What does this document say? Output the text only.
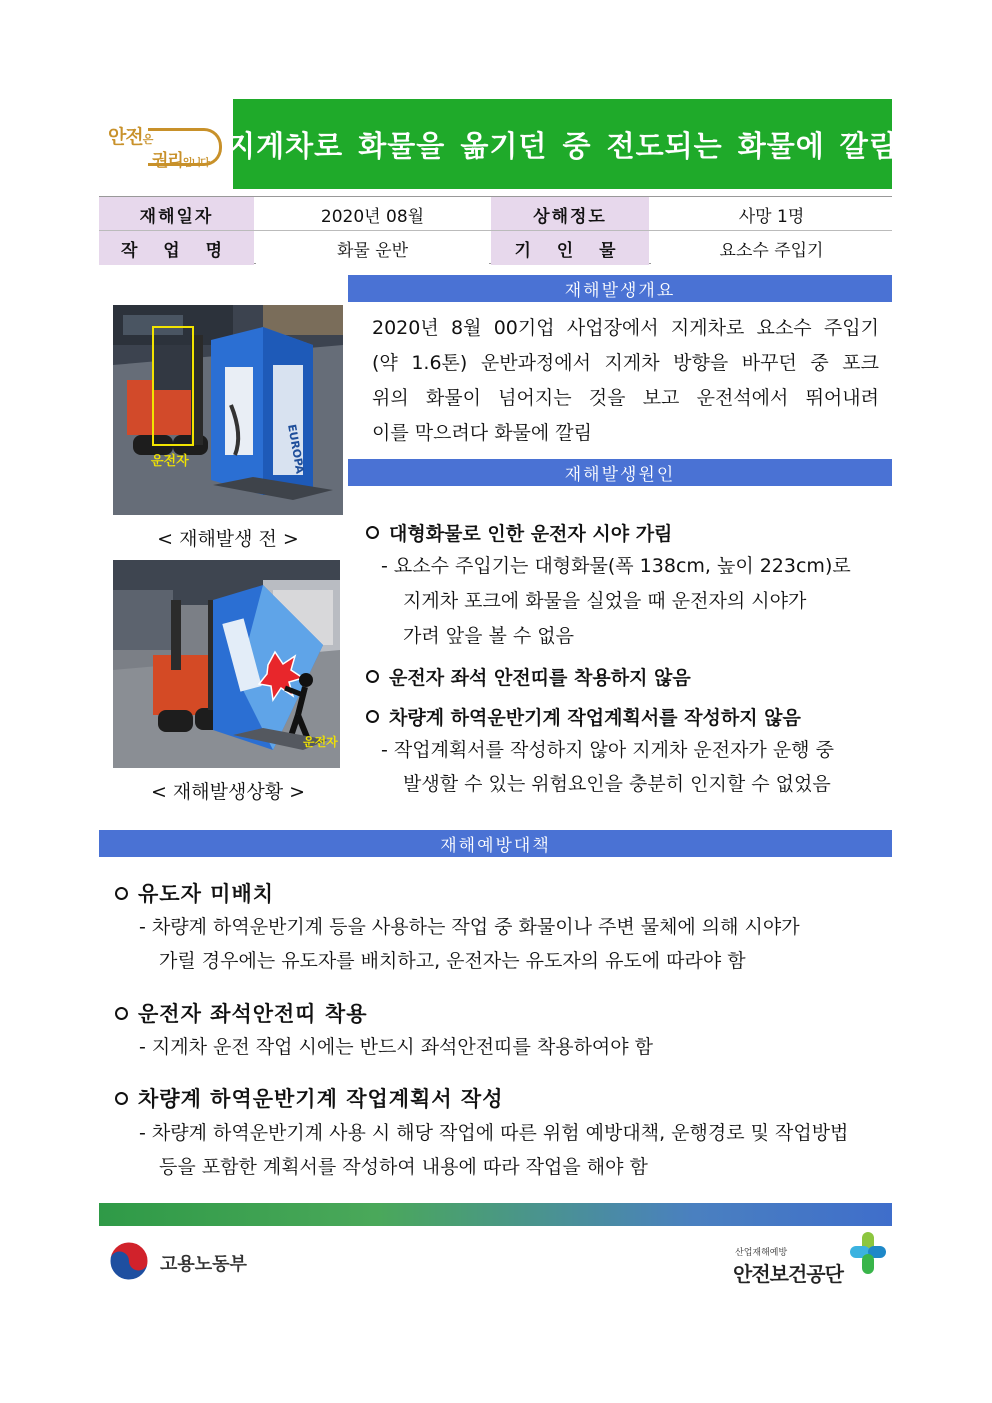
안전은
권리입니다
지게차로 화물을 옮기던 중 전도되는 화물에 깔림
재해일자	2020년 08월	상해정도	사망 1명
작 업 명	화물 운반	기 인 물	요소수 주입기
재해발생개요
2020년 8월 00기업 사업장에서 지게차로 요소수 주입기
(약 1.6톤) 운반과정에서 지게차 방향을 바꾸던 중 포크
위의 화물이 넘어지는 것을 보고 운전석에서 뛰어내려
이를 막으려다 화물에 깔림
EUROPA
운전자
< 재해발생 전 >
운전자
< 재해발생상황 >
재해발생원인
대형화물로 인한 운전자 시야 가림
- 요소수 주입기는 대형화물(폭 138cm, 높이 223cm)로
지게차 포크에 화물을 실었을 때 운전자의 시야가
가려 앞을 볼 수 없음
운전자 좌석 안전띠를 착용하지 않음
차량계 하역운반기계 작업계획서를 작성하지 않음
- 작업계획서를 작성하지 않아 지게차 운전자가 운행 중
발생할 수 있는 위험요인을 충분히 인지할 수 없었음
재해예방대책
유도자 미배치
- 차량계 하역운반기계 등을 사용하는 작업 중 화물이나 주변 물체에 의해 시야가
가릴 경우에는 유도자를 배치하고, 운전자는 유도자의 유도에 따라야 함
운전자 좌석안전띠 착용
- 지게차 운전 작업 시에는 반드시 좌석안전띠를 착용하여야 함
차량계 하역운반기계 작업계획서 작성
- 차량계 하역운반기계 사용 시 해당 작업에 따른 위험 예방대책, 운행경로 및 작업방법
등을 포함한 계획서를 작성하여 내용에 따라 작업을 해야 함
고용노동부
산업재해예방
안전보건공단
